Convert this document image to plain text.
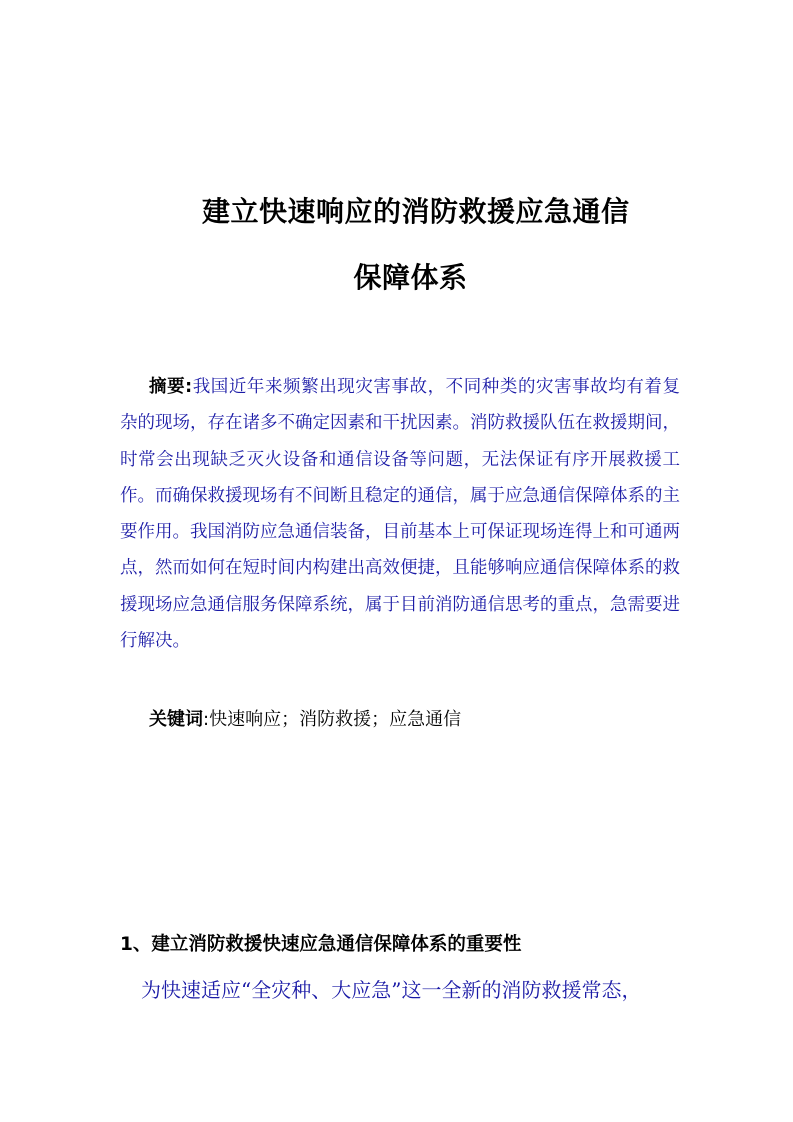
建立快速响应的消防救援应急通信
保障体系

摘要:我国近年来频繁出现灾害事故，不同种类的灾害事故均有着复杂的现场，存在诸多不确定因素和干扰因素。消防救援队伍在救援期间，时常会出现缺乏灭火设备和通信设备等问题，无法保证有序开展救援工作。而确保救援现场有不间断且稳定的通信，属于应急通信保障体系的主要作用。我国消防应急通信装备，目前基本上可保证现场连得上和可通两点，然而如何在短时间内构建出高效便捷，且能够响应通信保障体系的救援现场应急通信服务保障系统，属于目前消防通信思考的重点，急需要进行解决。

关键词:快速响应；消防救援；应急通信

1、建立消防救援快速应急通信保障体系的重要性

为快速适应“全灾种、大应急”这一全新的消防救援常态，
